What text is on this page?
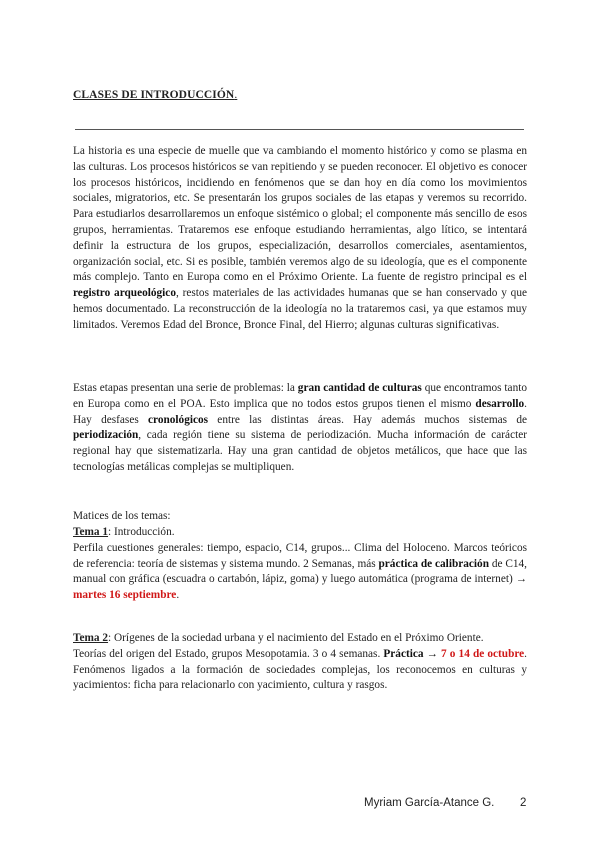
CLASES DE INTRODUCCIÓN.
La historia es una especie de muelle que va cambiando el momento histórico y como se plasma en las culturas. Los procesos históricos se van repitiendo y se pueden reconocer. El objetivo es conocer los procesos históricos, incidiendo en fenómenos que se dan hoy en día como los movimientos sociales, migratorios, etc. Se presentarán los grupos sociales de las etapas y veremos su recorrido. Para estudiarlos desarrollaremos un enfoque sistémico o global; el componente más sencillo de esos grupos, herramientas. Trataremos ese enfoque estudiando herramientas, algo lítico, se intentará definir la estructura de los grupos, especialización, desarrollos comerciales, asentamientos, organización social, etc. Si es posible, también veremos algo de su ideología, que es el componente más complejo. Tanto en Europa como en el Próximo Oriente. La fuente de registro principal es el registro arqueológico, restos materiales de las actividades humanas que se han conservado y que hemos documentado. La reconstrucción de la ideología no la trataremos casi, ya que estamos muy limitados. Veremos Edad del Bronce, Bronce Final, del Hierro; algunas culturas significativas.
Estas etapas presentan una serie de problemas: la gran cantidad de culturas que encontramos tanto en Europa como en el POA. Esto implica que no todos estos grupos tienen el mismo desarrollo. Hay desfases cronológicos entre las distintas áreas. Hay además muchos sistemas de periodización, cada región tiene su sistema de periodización. Mucha información de carácter regional hay que sistematizarla. Hay una gran cantidad de objetos metálicos, que hace que las tecnologías metálicas complejas se multipliquen.
Matices de los temas:
Tema 1: Introducción.
Perfila cuestiones generales: tiempo, espacio, C14, grupos... Clima del Holoceno. Marcos teóricos de referencia: teoría de sistemas y sistema mundo. 2 Semanas, más práctica de calibración de C14, manual con gráfica (escuadra o cartabón, lápiz, goma) y luego automática (programa de internet) → martes 16 septiembre.
Tema 2: Orígenes de la sociedad urbana y el nacimiento del Estado en el Próximo Oriente.
Teorías del origen del Estado, grupos Mesopotamia. 3 o 4 semanas. Práctica → 7 o 14 de octubre. Fenómenos ligados a la formación de sociedades complejas, los reconocemos en culturas y yacimientos: ficha para relacionarlo con yacimiento, cultura y rasgos.
Myriam García-Atance G. 2
